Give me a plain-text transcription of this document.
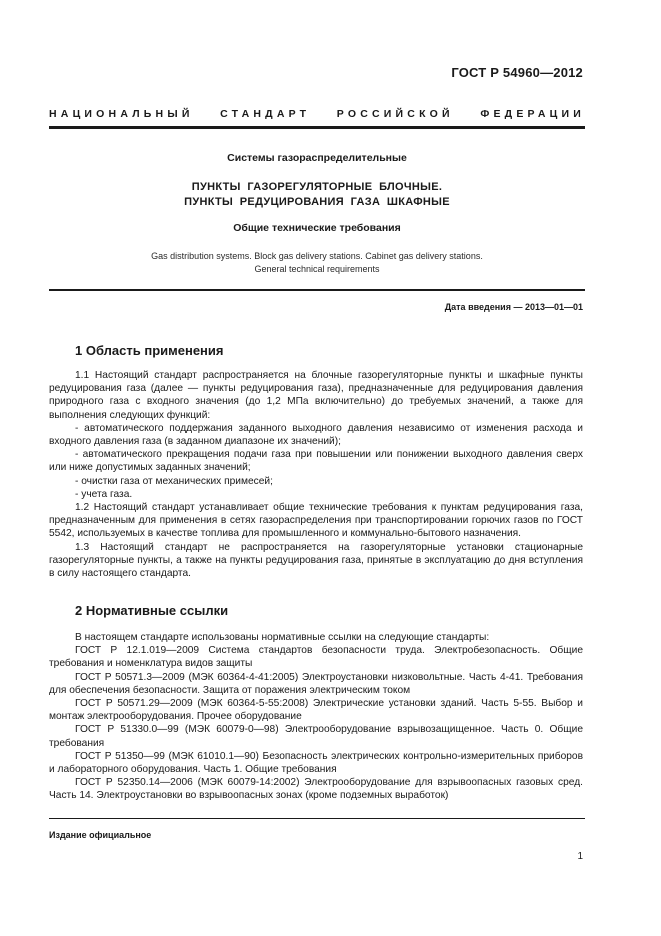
ГОСТ Р 54960—2012
НАЦИОНАЛЬНЫЙ	СТАНДАРТ	РОССИЙСКОЙ	ФЕДЕРАЦИИ
Системы газораспределительные
ПУНКТЫ  ГАЗОРЕГУЛЯТОРНЫЕ  БЛОЧНЫЕ.
ПУНКТЫ  РЕДУЦИРОВАНИЯ  ГАЗА  ШКАФНЫЕ
Общие технические требования
Gas distribution systems. Block gas delivery stations. Cabinet gas delivery stations.
General technical requirements
Дата введения — 2013—01—01
1 Область применения

1.1 Настоящий стандарт распространяется на блочные газорегуляторные пункты и шкафные пункты редуцирования газа (далее — пункты редуцирования газа), предназначенные для редуцирования давления природного газа с входного значения (до 1,2 МПа включительно) до требуемых значений, а также для выполнения следующих функций:

- автоматического поддержания заданного выходного давления независимо от изменения расхода и входного давления газа (в заданном диапазоне их значений);

- автоматического прекращения подачи газа при повышении или понижении выходного давления сверх или ниже допустимых заданных значений;

- очистки газа от механических примесей;

- учета газа.

1.2 Настоящий стандарт устанавливает общие технические требования к пунктам редуцирования газа, предназначенным для применения в сетях газораспределения при транспортировании горючих газов по ГОСТ 5542, используемых в качестве топлива для промышленного и коммунально-бытового назначения.

1.3 Настоящий стандарт не распространяется на газорегуляторные установки стационарные газорегуляторные пункты, а также на пункты редуцирования газа, принятые в эксплуатацию до дня вступления в силу настоящего стандарта.

2 Нормативные ссылки

В настоящем стандарте использованы нормативные ссылки на следующие стандарты:

ГОСТ Р 12.1.019—2009 Система стандартов безопасности труда. Электробезопасность. Общие требования и номенклатура видов защиты

ГОСТ Р 50571.3—2009 (МЭК 60364-4-41:2005) Электроустановки низковольтные. Часть 4-41. Требования для обеспечения безопасности. Защита от поражения электрическим током

ГОСТ Р 50571.29—2009 (МЭК 60364-5-55:2008) Электрические установки зданий. Часть 5-55. Выбор и монтаж электрооборудования. Прочее оборудование

ГОСТ Р 51330.0—99 (МЭК 60079-0—98) Электрооборудование взрывозащищенное. Часть 0. Общие требования

ГОСТ Р 51350—99 (МЭК 61010.1—90) Безопасность электрических контрольно-измерительных приборов и лабораторного оборудования. Часть 1. Общие требования

ГОСТ Р 52350.14—2006 (МЭК 60079-14:2002) Электрооборудование для взрывоопасных газовых сред. Часть 14. Электроустановки во взрывоопасных зонах (кроме подземных выработок)

Издание официальное
1
